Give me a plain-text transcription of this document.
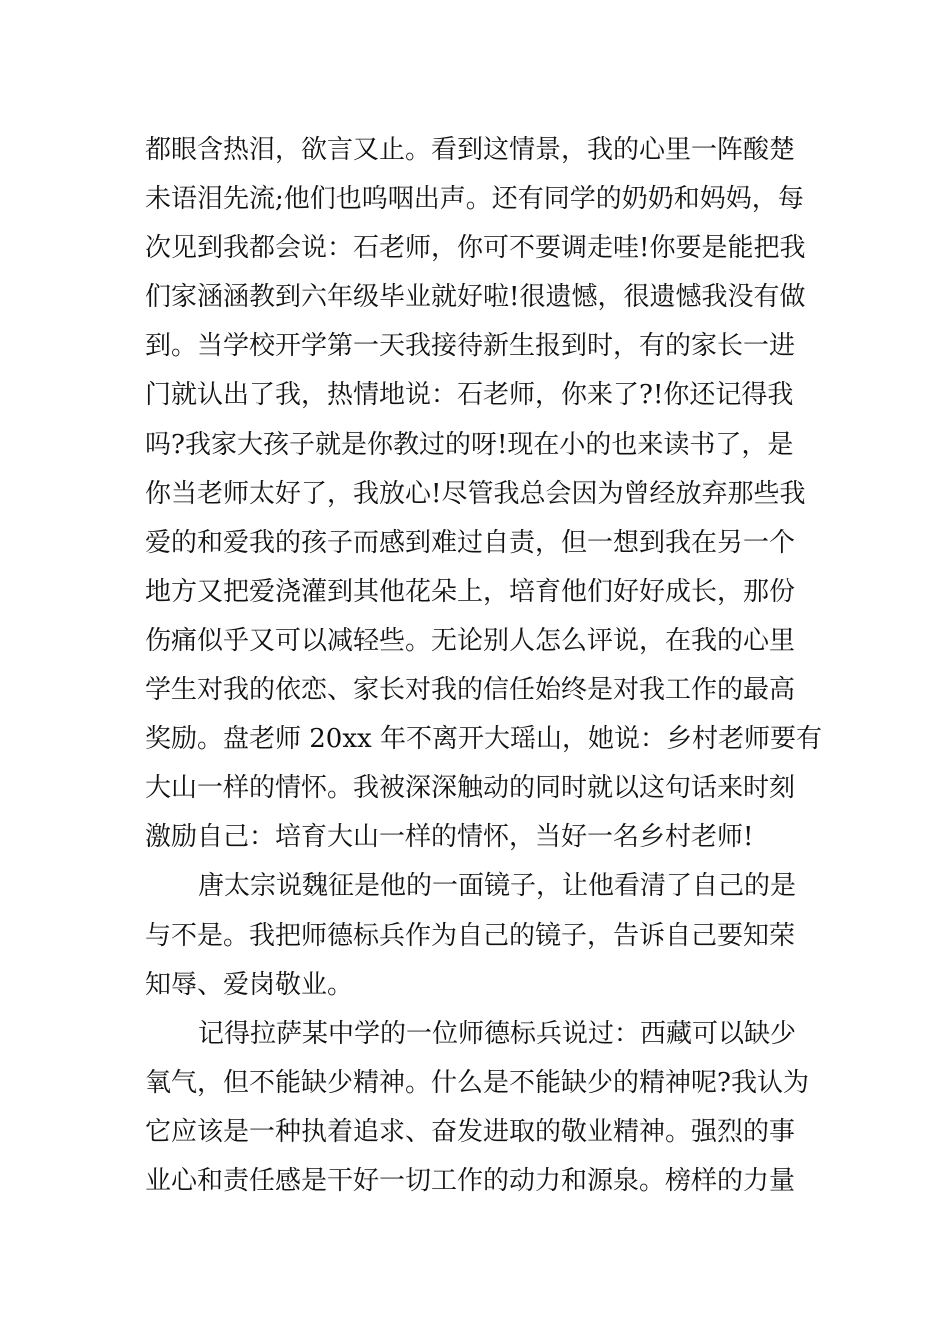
都眼含热泪，欲言又止。看到这情景，我的心里一阵酸楚
未语泪先流;他们也呜咽出声。还有同学的奶奶和妈妈，每
次见到我都会说：石老师，你可不要调走哇!你要是能把我
们家涵涵教到六年级毕业就好啦!很遗憾，很遗憾我没有做
到。当学校开学第一天我接待新生报到时，有的家长一进
门就认出了我，热情地说：石老师，你来了?!你还记得我
吗?我家大孩子就是你教过的呀!现在小的也来读书了，是
你当老师太好了，我放心!尽管我总会因为曾经放弃那些我
爱的和爱我的孩子而感到难过自责，但一想到我在另一个
地方又把爱浇灌到其他花朵上，培育他们好好成长，那份
伤痛似乎又可以减轻些。无论别人怎么评说，在我的心里
学生对我的依恋、家长对我的信任始终是对我工作的最高
奖励。盘老师 20xx 年不离开大瑶山，她说：乡村老师要有
大山一样的情怀。我被深深触动的同时就以这句话来时刻
激励自己：培育大山一样的情怀，当好一名乡村老师!
唐太宗说魏征是他的一面镜子，让他看清了自己的是
与不是。我把师德标兵作为自己的镜子，告诉自己要知荣
知辱、爱岗敬业。
记得拉萨某中学的一位师德标兵说过：西藏可以缺少
氧气，但不能缺少精神。什么是不能缺少的精神呢?我认为
它应该是一种执着追求、奋发进取的敬业精神。强烈的事
业心和责任感是干好一切工作的动力和源泉。榜样的力量
